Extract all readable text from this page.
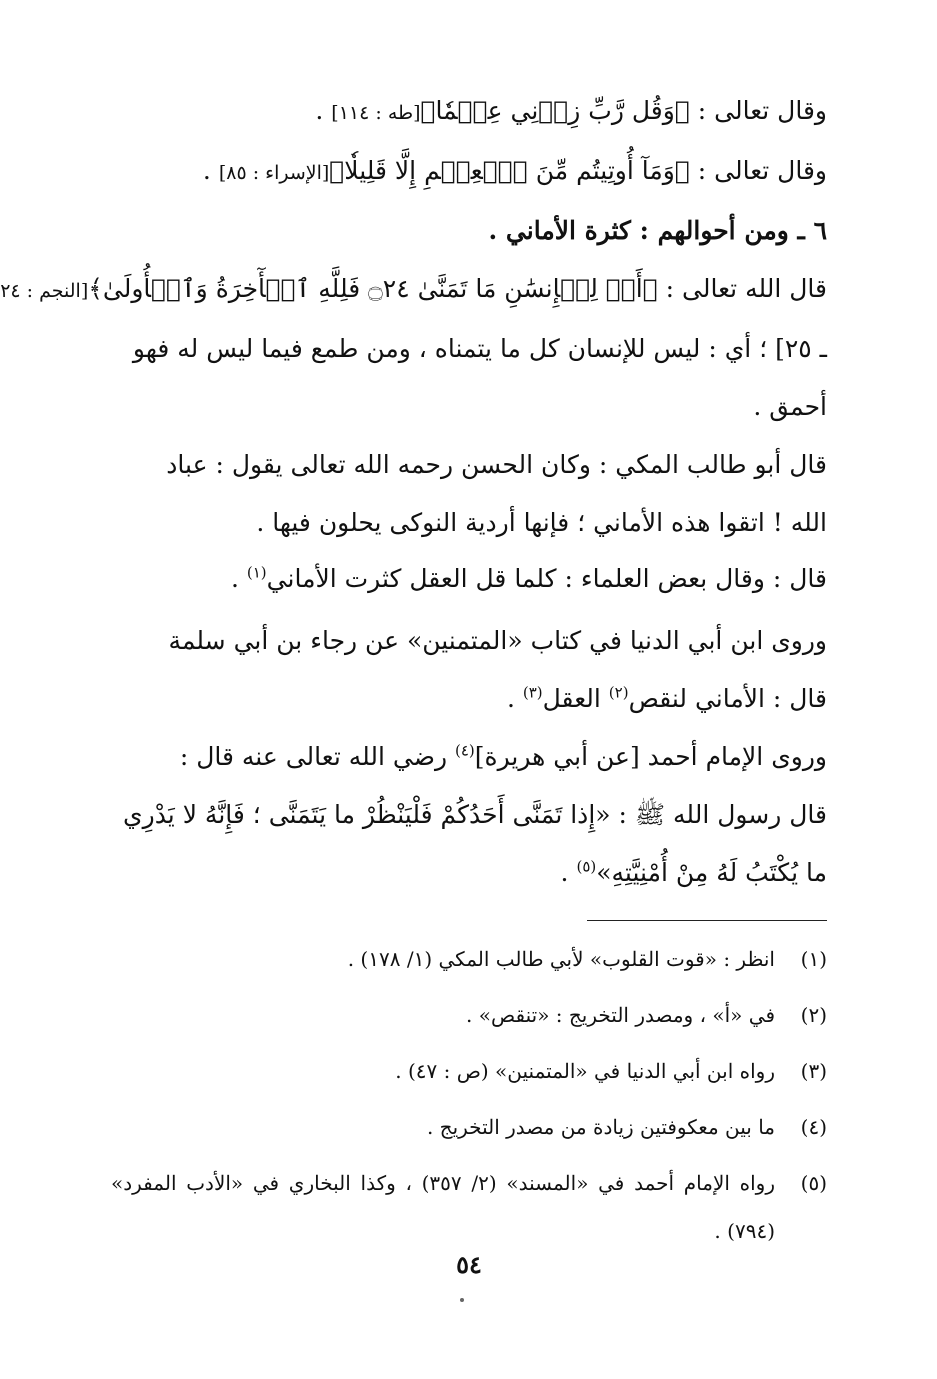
وقال تعالى : ﴿وَقُل رَّبِّ زِدۡنِي عِلۡمٗا﴾[طه : ١١٤] .
وقال تعالى : ﴿وَمَآ أُوتِيتُم مِّنَ ٱلۡعِلۡمِ إِلَّا قَلِيلٗا﴾[الإسراء : ٨٥] .
٦ ـ ومن أحوالهم : كثرة الأماني .
قال الله تعالى : ﴿أَمۡ لِلۡإِنسَٰنِ مَا تَمَنَّىٰ ۝٢٤ فَلِلَّهِ ٱلۡأٓخِرَةُ وَٱلۡأُولَىٰ﴾[النجم : ٢٤
ـ ٢٥] ؛ أي : ليس للإنسان كل ما يتمناه ، ومن طمع فيما ليس له فهو
أحمق .
قال أبو طالب المكي : وكان الحسن رحمه الله تعالى يقول : عباد
الله ! اتقوا هذه الأماني ؛ فإنها أردية النوكى يحلون فيها .
قال : وقال بعض العلماء : كلما قل العقل كثرت الأماني$^{(١)}$ .
وروى ابن أبي الدنيا في كتاب «المتمنين» عن رجاء بن أبي سلمة
قال : الأماني لنقص$^{(٢)}$ العقل$^{(٣)}$ .
وروى الإمام أحمد [عن أبي هريرة]$^{(٤)}$ رضي الله تعالى عنه قال :
قال رسول الله ﷺ : «إِذا تَمَنَّى أَحَدُكُمْ فَلْيَنْظُرْ ما يَتَمَنَّى ؛ فَإِنَّهُ لا يَدْرِي
ما يُكْتَبُ لَهُ مِنْ أُمْنِيَّتِهِ»$^{(٥)}$ .
(١)
انظر : «قوت القلوب» لأبي طالب المكي (١/ ١٧٨) .
(٢)
في «أ» ، ومصدر التخريج : «تنقص» .
(٣)
رواه ابن أبي الدنيا في «المتمنين» (ص : ٤٧) .
(٤)
ما بين معكوفتين زيادة من مصدر التخريج .
(٥)
رواه الإمام أحمد في «المسند» (٢/ ٣٥٧) ، وكذا البخاري في «الأدب المفرد» (٧٩٤) .
٥٤
